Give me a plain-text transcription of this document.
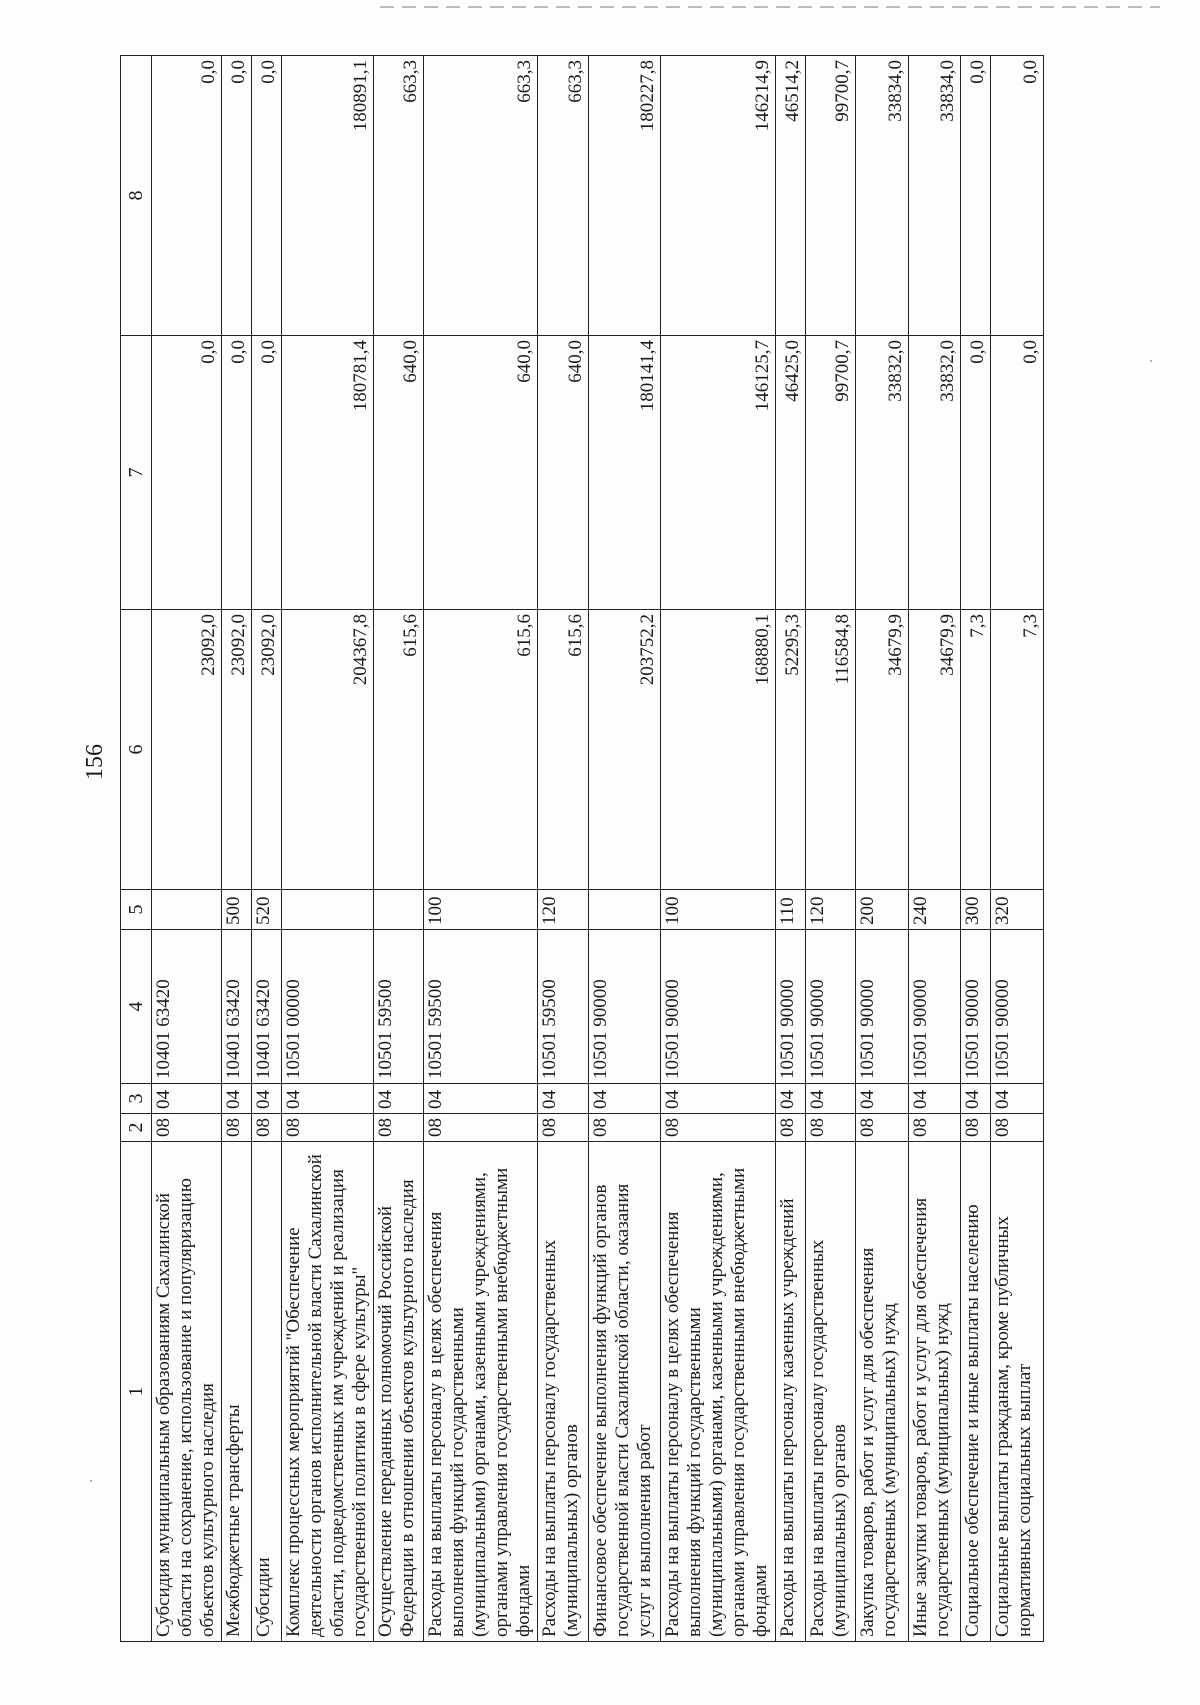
156
1	2	3	4	5	6	7	8
Субсидия муниципальным образованиям Сахалинской области на сохранение, использование и популяризацию объектов культурного наследия	08	04	10401 63420		23092,0	0,0	0,0
Межбюджетные трансферты	08	04	10401 63420	500	23092,0	0,0	0,0
Субсидии	08	04	10401 63420	520	23092,0	0,0	0,0
Комплекс процессных мероприятий "Обеспечение деятельности органов исполнительной власти Сахалинской области, подведомственных им учреждений и реализация государственной политики в сфере культуры"	08	04	10501 00000		204367,8	180781,4	180891,1
Осуществление переданных полномочий Российской Федерации в отношении объектов культурного наследия	08	04	10501 59500		615,6	640,0	663,3
Расходы на выплаты персоналу в целях обеспечения выполнения функций государственными (муниципальными) органами, казенными учреждениями, органами управления государственными внебюджетными фондами	08	04	10501 59500	100	615,6	640,0	663,3
Расходы на выплаты персоналу государственных (муниципальных) органов	08	04	10501 59500	120	615,6	640,0	663,3
Финансовое обеспечение выполнения функций органов государственной власти Сахалинской области, оказания услуг и выполнения работ	08	04	10501 90000		203752,2	180141,4	180227,8
Расходы на выплаты персоналу в целях обеспечения выполнения функций государственными (муниципальными) органами, казенными учреждениями, органами управления государственными внебюджетными фондами	08	04	10501 90000	100	168880,1	146125,7	146214,9
Расходы на выплаты персоналу казенных учреждений	08	04	10501 90000	110	52295,3	46425,0	46514,2
Расходы на выплаты персоналу государственных (муниципальных) органов	08	04	10501 90000	120	116584,8	99700,7	99700,7
Закупка товаров, работ и услуг для обеспечения государственных (муниципальных) нужд	08	04	10501 90000	200	34679,9	33832,0	33834,0
Иные закупки товаров, работ и услуг для обеспечения государственных (муниципальных) нужд	08	04	10501 90000	240	34679,9	33832,0	33834,0
Социальное обеспечение и иные выплаты населению	08	04	10501 90000	300	7,3	0,0	0,0
Социальные выплаты гражданам, кроме публичных нормативных социальных выплат	08	04	10501 90000	320	7,3	0,0	0,0
